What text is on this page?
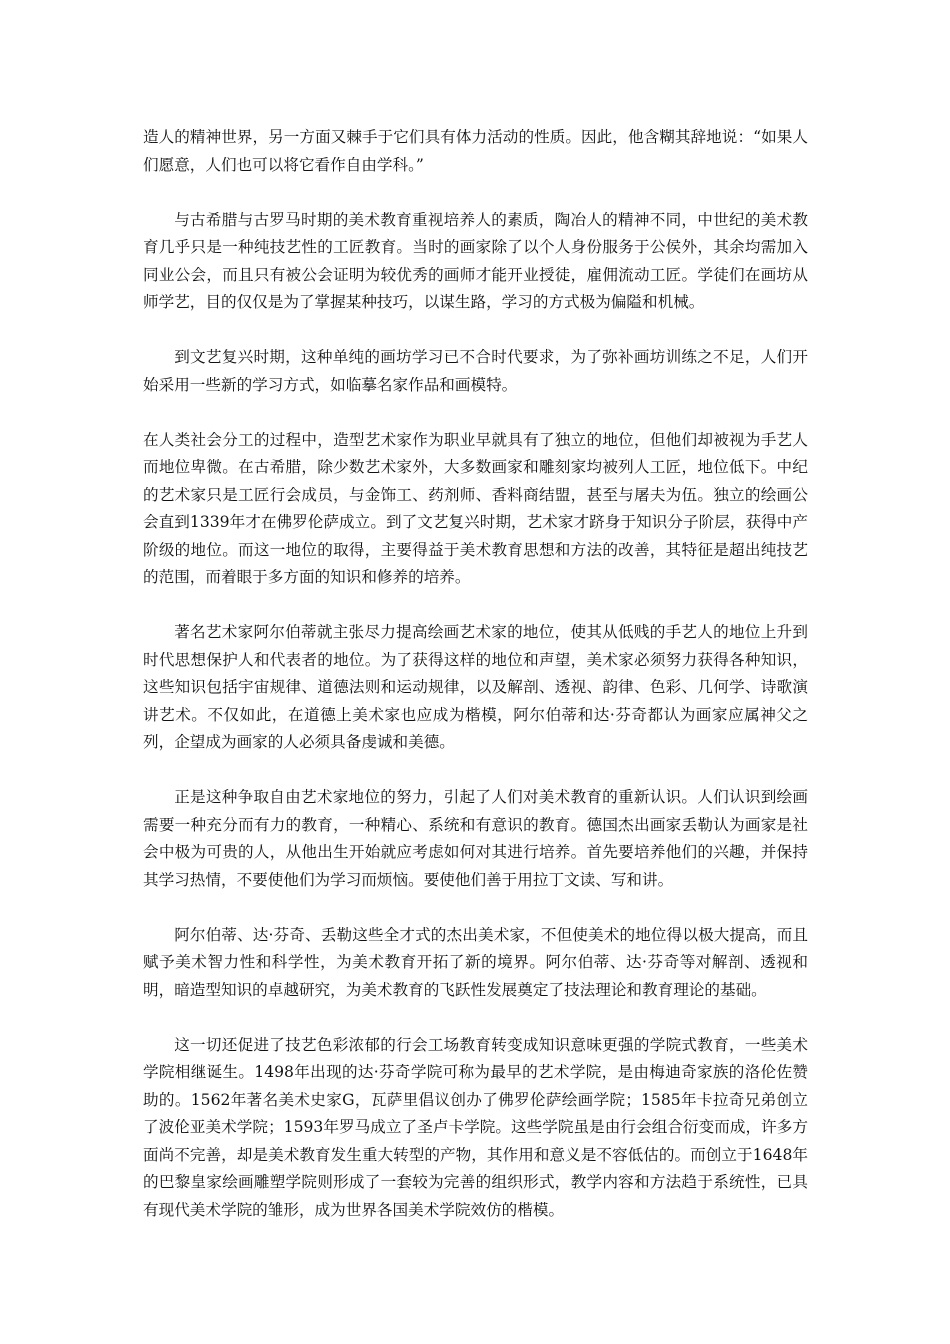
造人的精神世界，另一方面又棘手于它们具有体力活动的性质。因此，他含糊其辞地说：“如果人们愿意，人们也可以将它看作自由学科。”

与古希腊与古罗马时期的美术教育重视培养人的素质，陶冶人的精神不同，中世纪的美术教育几乎只是一种纯技艺性的工匠教育。当时的画家除了以个人身份服务于公侯外，其余均需加入同业公会，而且只有被公会证明为较优秀的画师才能开业授徒，雇佣流动工匠。学徒们在画坊从师学艺，目的仅仅是为了掌握某种技巧，以谋生路，学习的方式极为偏隘和机械。

到文艺复兴时期，这种单纯的画坊学习已不合时代要求，为了弥补画坊训练之不足，人们开始采用一些新的学习方式，如临摹名家作品和画模特。

在人类社会分工的过程中，造型艺术家作为职业早就具有了独立的地位，但他们却被视为手艺人而地位卑微。在古希腊，除少数艺术家外，大多数画家和雕刻家均被列人工匠，地位低下。中纪的艺术家只是工匠行会成员，与金饰工、药剂师、香料商结盟，甚至与屠夫为伍。独立的绘画公会直到1339年才在佛罗伦萨成立。到了文艺复兴时期，艺术家才跻身于知识分子阶层，获得中产阶级的地位。而这一地位的取得，主要得益于美术教育思想和方法的改善，其特征是超出纯技艺的范围，而着眼于多方面的知识和修养的培养。

著名艺术家阿尔伯蒂就主张尽力提高绘画艺术家的地位，使其从低贱的手艺人的地位上升到时代思想保护人和代表者的地位。为了获得这样的地位和声望，美术家必须努力获得各种知识，这些知识包括宇宙规律、道德法则和运动规律，以及解剖、透视、韵律、色彩、几何学、诗歌演讲艺术。不仅如此，在道德上美术家也应成为楷模，阿尔伯蒂和达·芬奇都认为画家应属神父之列，企望成为画家的人必须具备虔诚和美德。

正是这种争取自由艺术家地位的努力，引起了人们对美术教育的重新认识。人们认识到绘画需要一种充分而有力的教育，一种精心、系统和有意识的教育。德国杰出画家丢勒认为画家是社会中极为可贵的人，从他出生开始就应考虑如何对其进行培养。首先要培养他们的兴趣，并保持其学习热情，不要使他们为学习而烦恼。要使他们善于用拉丁文读、写和讲。

阿尔伯蒂、达·芬奇、丢勒这些全才式的杰出美术家，不但使美术的地位得以极大提高，而且赋予美术智力性和科学性，为美术教育开拓了新的境界。阿尔伯蒂、达·芬奇等对解剖、透视和明，暗造型知识的卓越研究，为美术教育的飞跃性发展奠定了技法理论和教育理论的基础。

这一切还促进了技艺色彩浓郁的行会工场教育转变成知识意味更强的学院式教育，一些美术学院相继诞生。1498年出现的达·芬奇学院可称为最早的艺术学院，是由梅迪奇家族的洛伦佐赞助的。1562年著名美术史家G，瓦萨里倡议创办了佛罗伦萨绘画学院；1585年卡拉奇兄弟创立了波伦亚美术学院；1593年罗马成立了圣卢卡学院。这些学院虽是由行会组合衍变而成，许多方面尚不完善，却是美术教育发生重大转型的产物，其作用和意义是不容低估的。而创立于1648年的巴黎皇家绘画雕塑学院则形成了一套较为完善的组织形式，教学内容和方法趋于系统性，已具有现代美术学院的雏形，成为世界各国美术学院效仿的楷模。
